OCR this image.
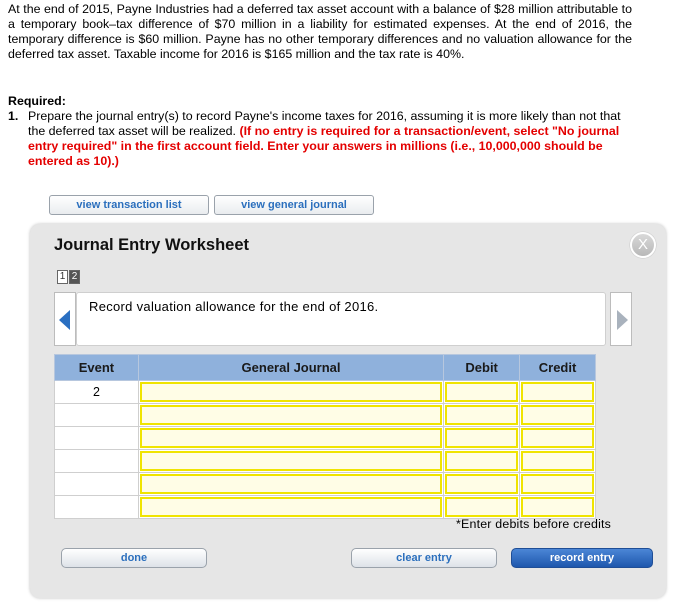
At the end of 2015, Payne Industries had a deferred tax asset account with a balance of $28 million attributable to a temporary book–tax difference of $70 million in a liability for estimated expenses. At the end of 2016, the temporary difference is $60 million. Payne has no other temporary differences and no valuation allowance for the deferred tax asset. Taxable income for 2016 is $165 million and the tax rate is 40%.
Required:
1. Prepare the journal entry(s) to record Payne's income taxes for 2016, assuming it is more likely than not that the deferred tax asset will be realized. (If no entry is required for a transaction/event, select "No journal entry required" in the first account field. Enter your answers in millions (i.e., 10,000,000 should be entered as 10).)
view transaction list	view general journal
Journal Entry Worksheet	X
1 2
Record valuation allowance for the end of 2016.
Event	General Journal	Debit	Credit
2	

*Enter debits before credits
done	clear entry	record entry
